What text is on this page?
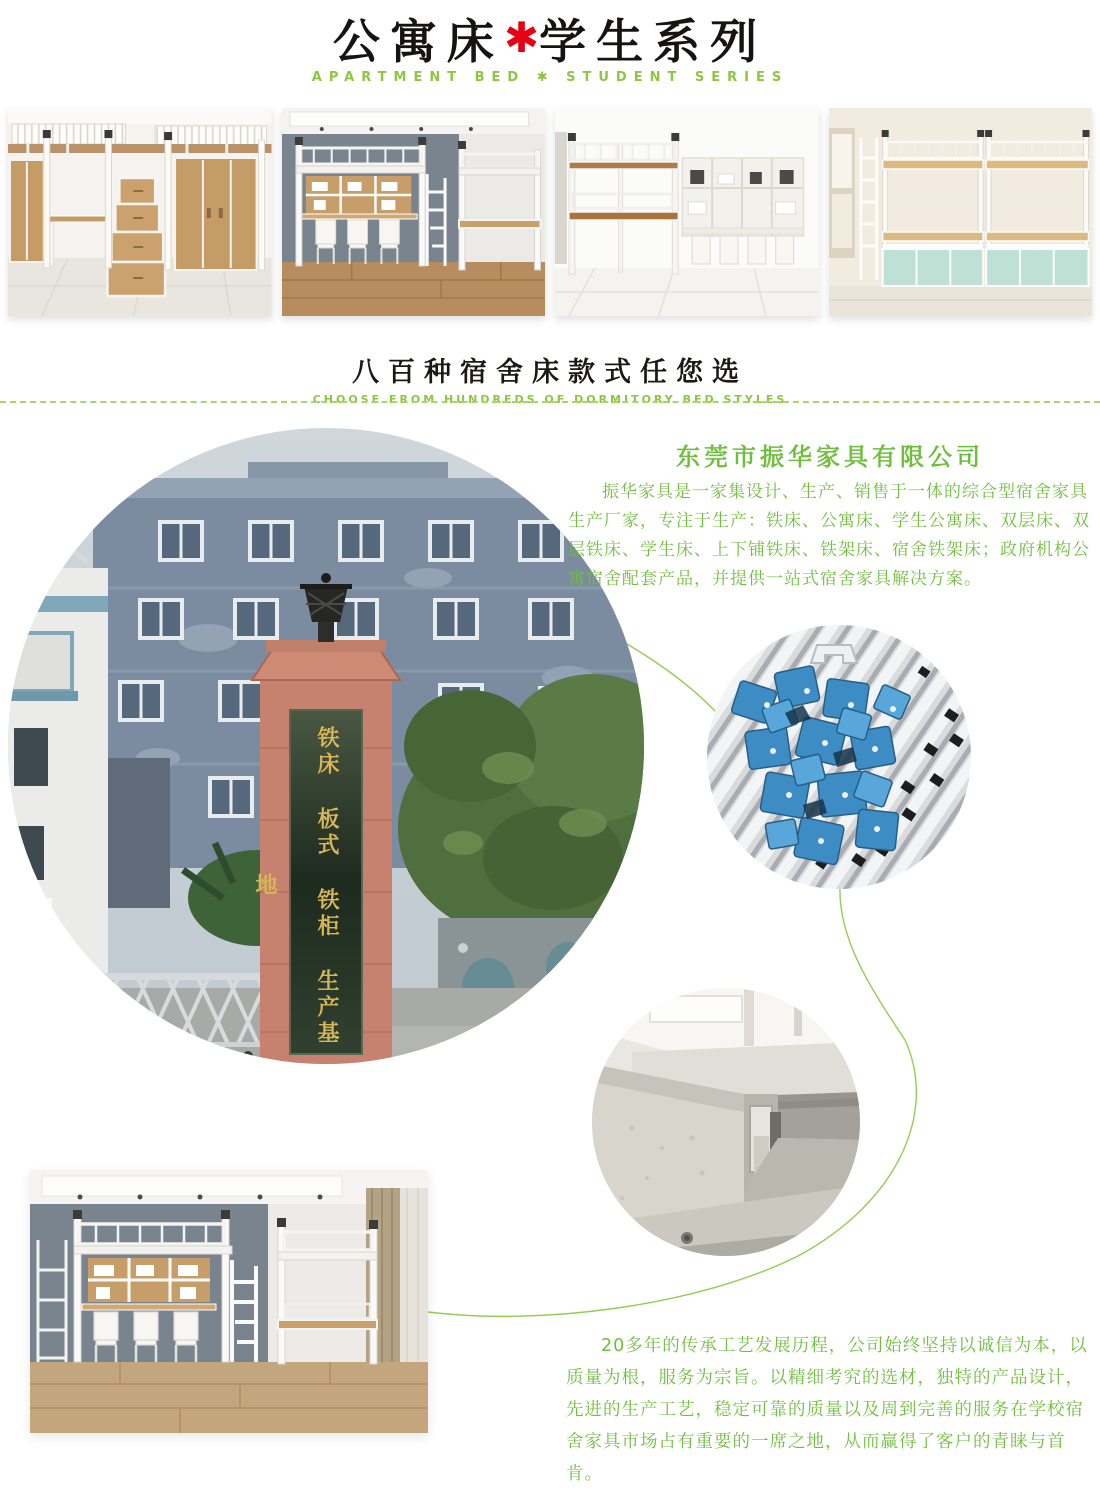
公寓床✱学生系列
APARTMENT BED ✱ STUDENT SERIES
八百种宿舍床款式任您选
CHOOSE FROM HUNDREDS OF DORMITORY BED STYLES
铁床 板式 铁柜 生产基地
东莞市振华家具有限公司

振华家具是一家集设计、生产、销售于一体的综合型宿舍家具生产厂家，专注于生产：铁床、公寓床、学生公寓床、双层床、双层铁床、学生床、上下铺铁床、铁架床、宿舍铁架床；政府机构公寓宿舍配套产品，并提供一站式宿舍家具解决方案。

20多年的传承工艺发展历程，公司始终坚持以诚信为本，以质量为根，服务为宗旨。以精细考究的选材，独特的产品设计，先进的生产工艺，稳定可靠的质量以及周到完善的服务在学校宿舍家具市场占有重要的一席之地，从而赢得了客户的青睐与首肯。
